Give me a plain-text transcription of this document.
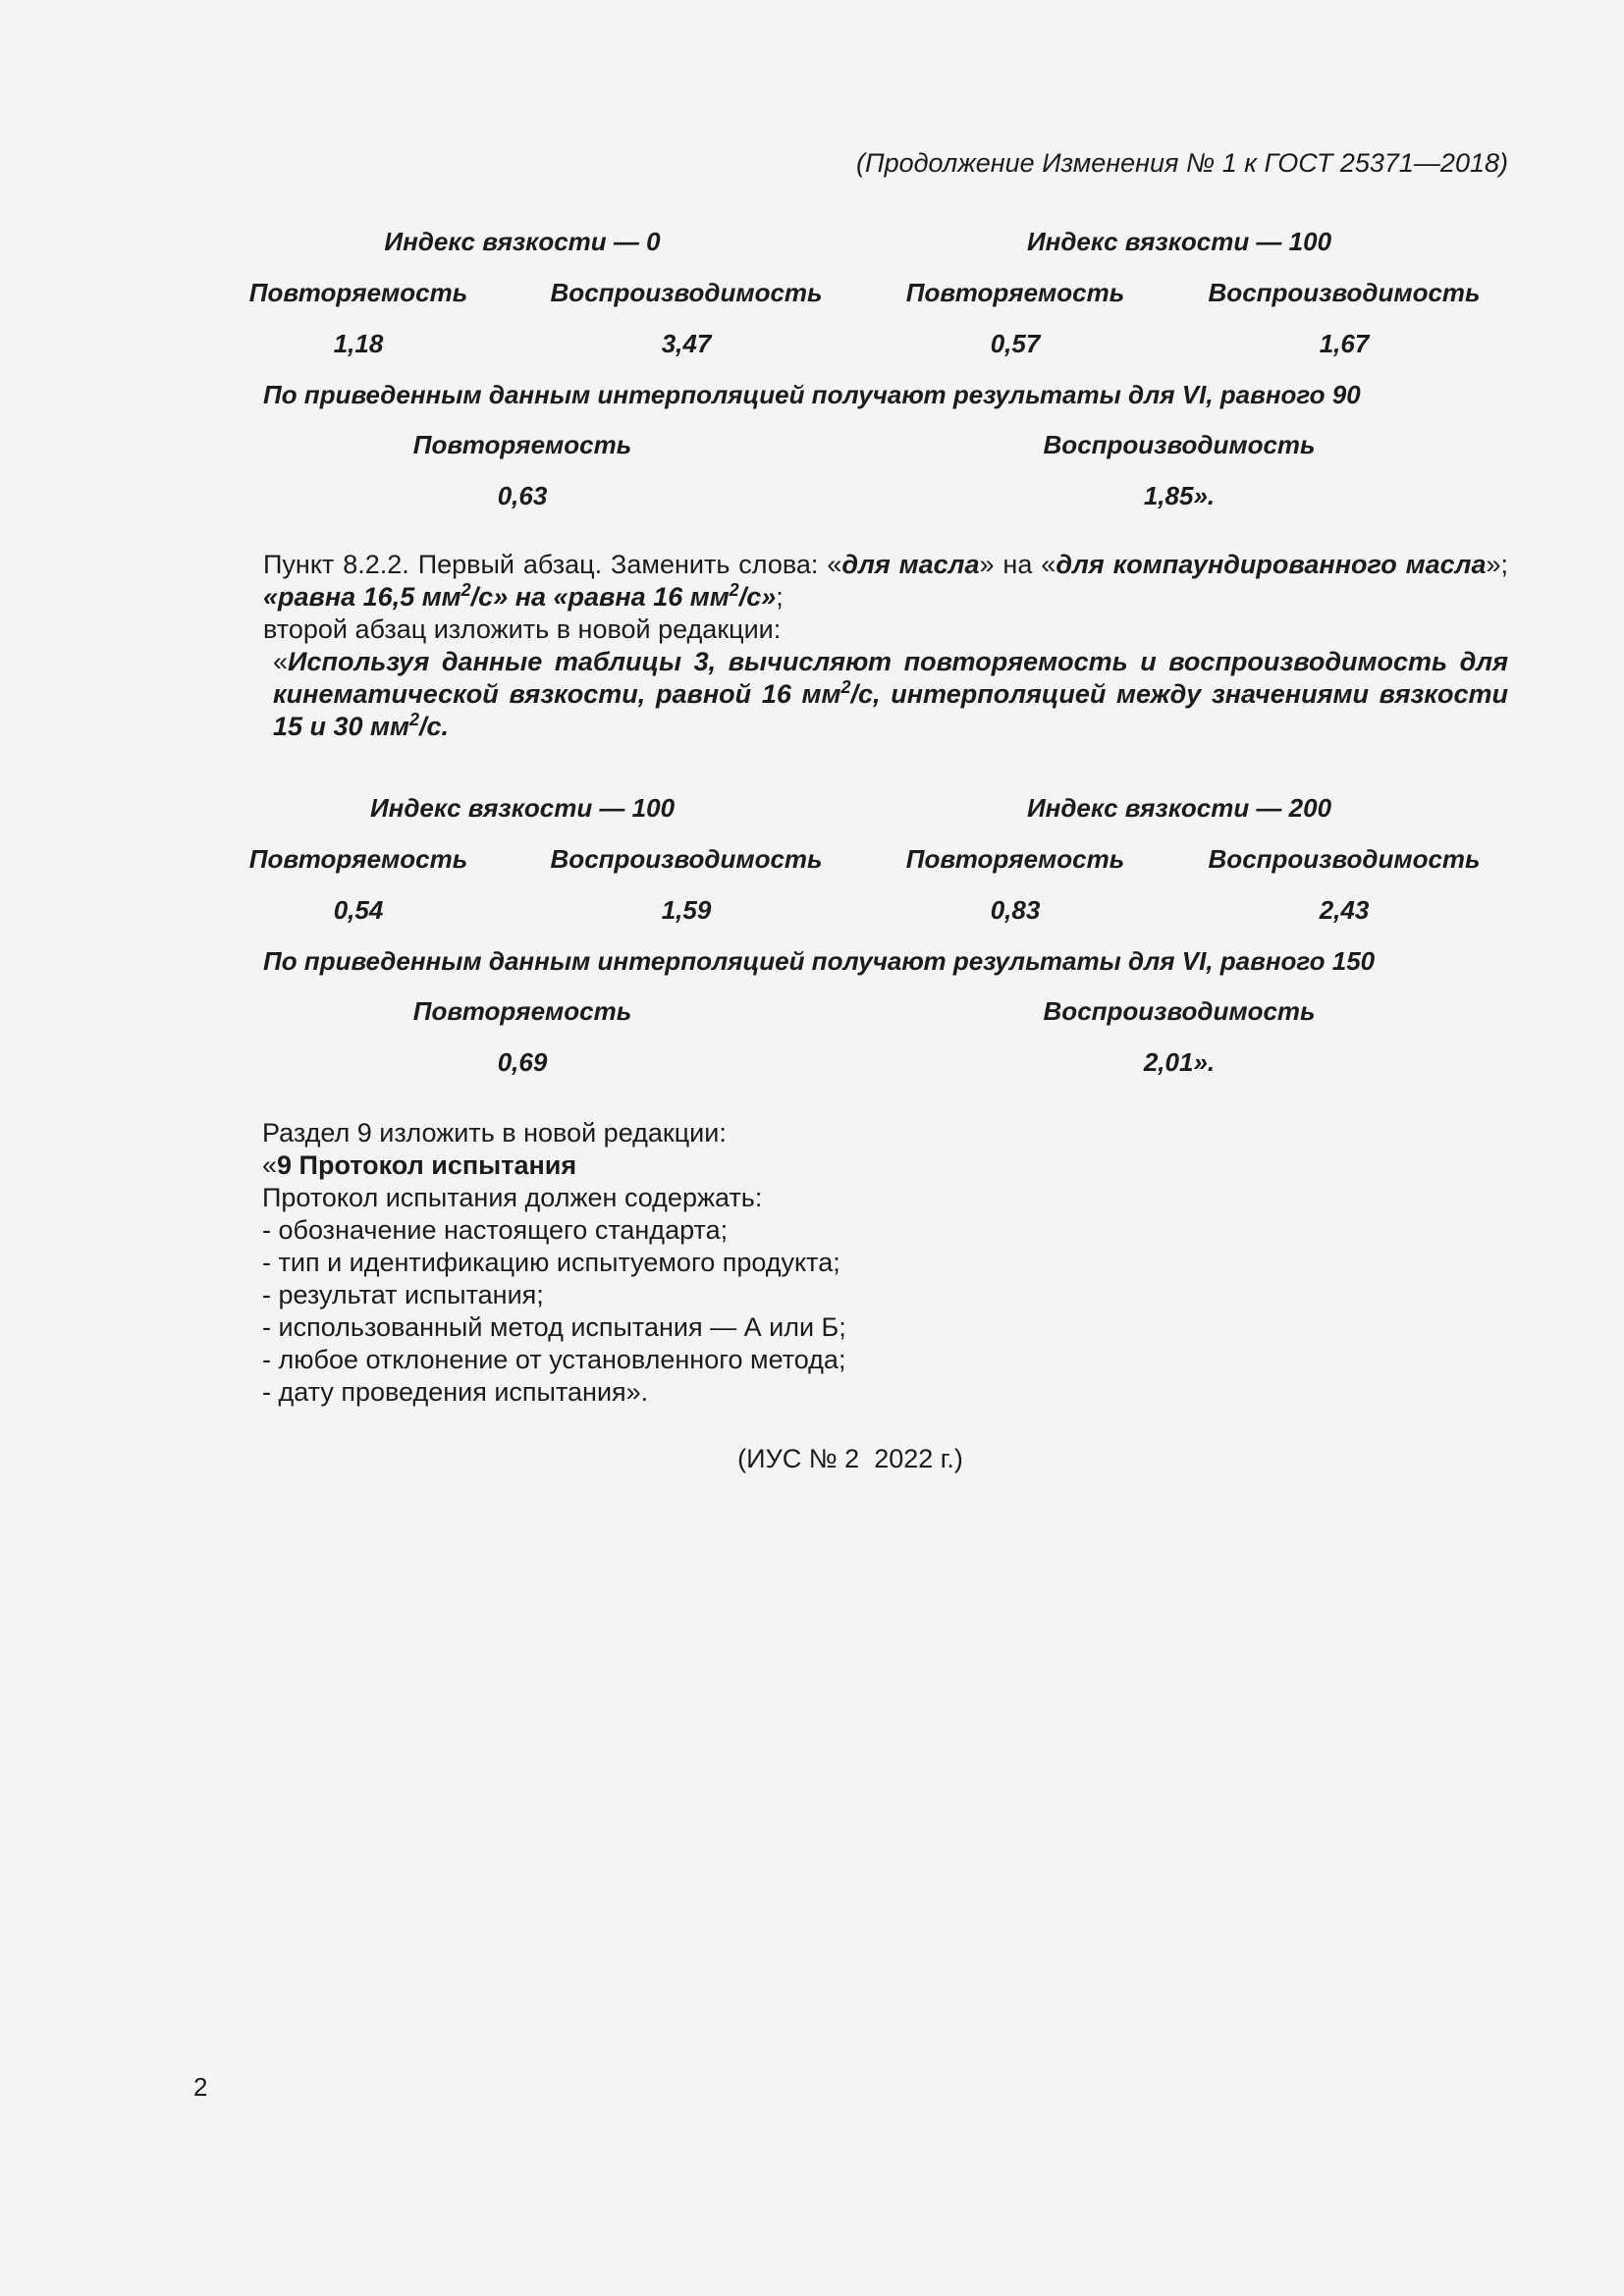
(Продолжение Изменения № 1 к ГОСТ 25371—2018)
Индекс вязкости — 0	Индекс вязкости — 100
Повторяемость	Воспроизводимость	Повторяемость	Воспроизводимость
1,18	3,47	0,57	1,67
По приведенным данным интерполяцией получают результаты для VI, равного 90
Повторяемость	Воспроизводимость
0,63	1,85».
Пункт 8.2.2. Первый абзац. Заменить слова: «для масла» на «для компаундированного масла»; «равна 16,5 $мм^2/с$» на «равна 16 $мм^2/с$»;
второй абзац изложить в новой редакции:
«Используя данные таблицы 3, вычисляют повторяемость и воспроизводимость для кинематической вязкости, равной 16 $мм^2/с$, интерполяцией между значениями вязкости 15 и 30 $мм^2/с$.
Индекс вязкости — 100	Индекс вязкости — 200
Повторяемость	Воспроизводимость	Повторяемость	Воспроизводимость
0,54	1,59	0,83	2,43
По приведенным данным интерполяцией получают результаты для VI, равного 150
Повторяемость	Воспроизводимость
0,69	2,01».
Раздел 9 изложить в новой редакции:
«9 Протокол испытания
Протокол испытания должен содержать:
- обозначение настоящего стандарта;
- тип и идентификацию испытуемого продукта;
- результат испытания;
- использованный метод испытания — А или Б;
- любое отклонение от установленного метода;
- дату проведения испытания».
(ИУС № 2  2022 г.)
2
